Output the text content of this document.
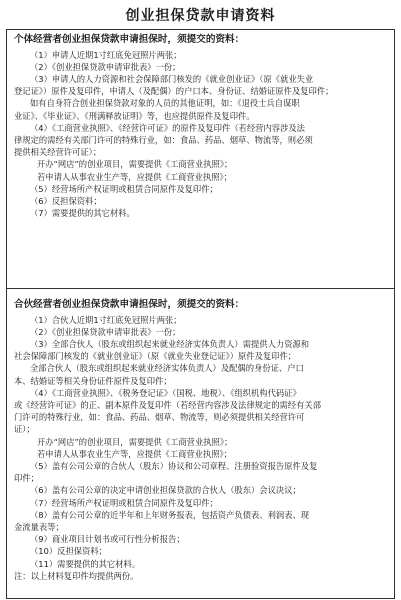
创业担保贷款申请资料
个体经营者创业担保贷款申请担保时，须提交的资料：

（1）申请人近期1寸红底免冠照片两张；

（2）《创业担保贷款申请审批表》一份；

（3）申请人的人力资源和社会保障部门核发的《就业创业证》（原《就业失业

登记证》）原件及复印件，申请人（及配偶）的户口本、身份证、结婚证原件及复印件；

如有自身符合创业担保贷款对象的人员的其他证明，如：《退役士兵自谋职

业证》、《毕业证》、《刑满释放证明》等，也应提供原件及复印件。

（4）《工商营业执照》、《经营许可证》的原件及复印件（若经营内容涉及法

律规定的需经有关部门许可的特殊行业，如：食品、药品、烟草、物流等，则必须

提供相关经营许可证）；

开办“网店”的创业项目，需要提供《工商营业执照》；

若申请人从事农业生产等，应提供《工商营业执照》；

（5）经营场所产权证明或租赁合同原件及复印件；

（6）反担保资料；

（7）需要提供的其它材料。

合伙经营者创业担保贷款申请担保时，须提交的资料：

（1）合伙人近期1寸红底免冠照片两张；

（2）《创业担保贷款申请审批表》一份；

（3）全部合伙人（股东或组织起来就业经济实体负责人）需提供人力资源和

社会保障部门核发的《就业创业证》（原《就业失业登记证》）原件及复印件；

全部合伙人（股东或组织起来就业经济实体负责人）及配偶的身份证、户口

本、结婚证等相关身份证件原件及复印件；

（4）《工商营业执照》、《税务登记证》（国税、地税）、《组织机构代码证》

或《经营许可证》的正、副本原件及复印件（若经营内容涉及法律规定的需经有关部

门许可的特殊行业，如：食品、药品、烟草、物流等，则必须提供相关经营许可

证）；

开办“网店”的创业项目，需要提供《工商营业执照》；

若申请人从事农业生产等，应提供《工商营业执照》；

（5）盖有公司公章的合伙人（股东）协议和公司章程、注册验资报告原件及复

印件；

（6）盖有公司公章的决定申请创业担保贷款的合伙人（股东）会议决议；

（7）经营场所产权证明或租赁合同原件及复印件；

（8）盖有公司公章的近半年和上年财务报表，包括资产负债表、利润表、现

金流量表等；

（9）商业项目计划书或可行性分析报告；

（10）反担保资料；

（11）需要提供的其它材料。

注：以上材料复印件均提供两份。
